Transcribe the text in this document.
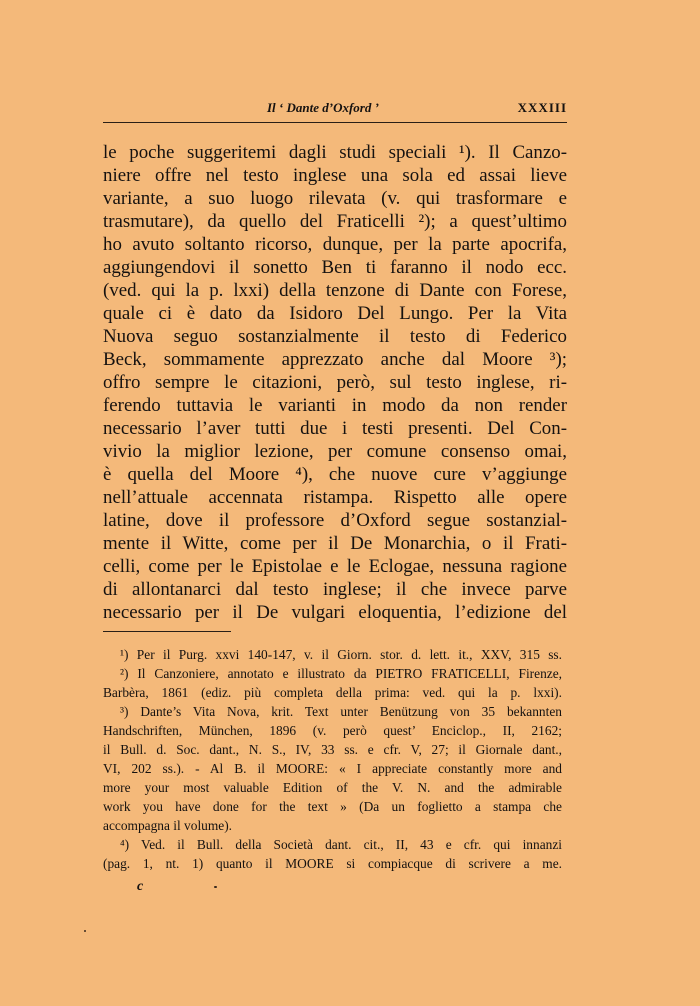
Il ‘ Dante d’Oxford ’	XXXIII
le poche suggeritemi dagli studi speciali ¹). Il Canzo-
niere offre nel testo inglese una sola ed assai lieve
variante, a suo luogo rilevata (v. qui trasformare e
trasmutare), da quello del Fraticelli ²); a quest’ultimo
ho avuto soltanto ricorso, dunque, per la parte apocrifa,
aggiungendovi il sonetto Ben ti faranno il nodo ecc.
(ved. qui la p. lxxi) della tenzone di Dante con Forese,
quale ci è dato da Isidoro Del Lungo. Per la Vita
Nuova seguo sostanzialmente il testo di Federico
Beck, sommamente apprezzato anche dal Moore ³);
offro sempre le citazioni, però, sul testo inglese, ri-
ferendo tuttavia le varianti in modo da non render
necessario l’aver tutti due i testi presenti. Del Con-
vivio la miglior lezione, per comune consenso omai,
è quella del Moore ⁴), che nuove cure v’aggiunge
nell’attuale accennata ristampa. Rispetto alle opere
latine, dove il professore d’Oxford segue sostanzial-
mente il Witte, come per il De Monarchia, o il Frati-
celli, come per le Epistolae e le Eclogae, nessuna ragione
di allontanarci dal testo inglese; il che invece parve
necessario per il De vulgari eloquentia, l’edizione del
¹) Per il Purg. xxvi 140-147, v. il Giorn. stor. d. lett. it., XXV, 315 ss.
²) Il Canzoniere, annotato e illustrato da PIETRO FRATICELLI, Firenze,
Barbèra, 1861 (ediz. più completa della prima: ved. qui la p. lxxi).
³) Dante’s Vita Nova, krit. Text unter Benützung von 35 bekannten
Handschriften, München, 1896 (v. però quest’ Enciclop., II, 2162;
il Bull. d. Soc. dant., N. S., IV, 33 ss. e cfr. V, 27; il Giornale dant.,
VI, 202 ss.). - Al B. il MOORE: « I appreciate constantly more and
more your most valuable Edition of the V. N. and the admirable
work you have done for the text » (Da un foglietto a stampa che
accompagna il volume).
⁴) Ved. il Bull. della Società dant. cit., II, 43 e cfr. qui innanzi
(pag. 1, nt. 1) quanto il MOORE si compiacque di scrivere a me.
c
